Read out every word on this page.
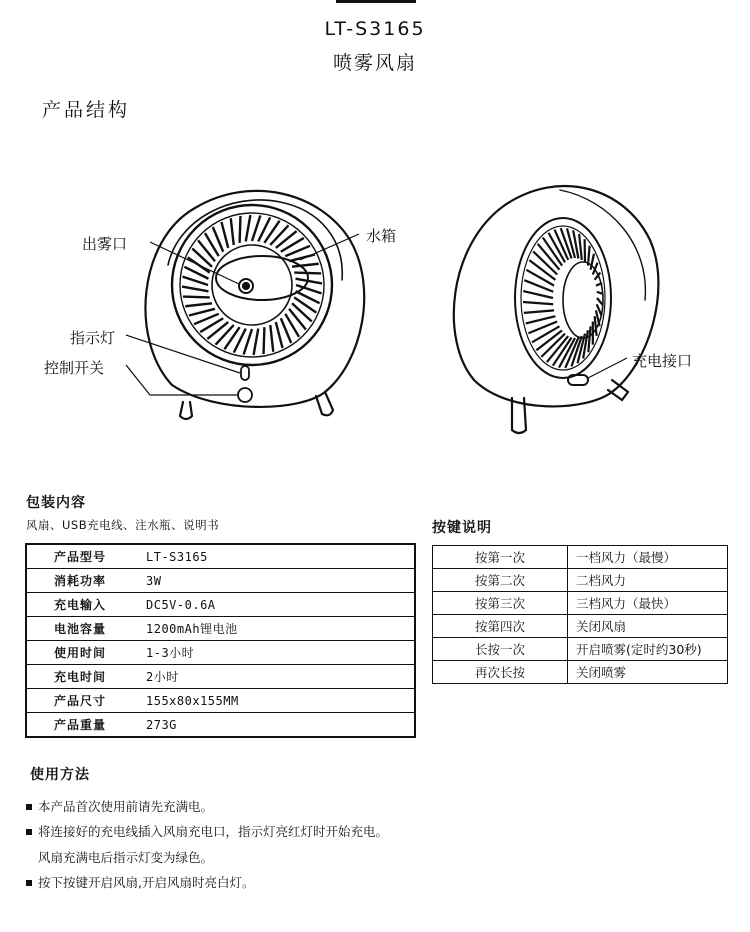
LT-S3165
喷雾风扇
产品结构
出雾口	水箱
指示灯
控制开关	充电接口
包装内容
风扇、USB充电线、注水瓶、说明书
产品型号	LT-S3165
消耗功率	3W
充电输入	DC5V-0.6A
电池容量	1200mAh锂电池
使用时间	1-3小时
充电时间	2小时
产品尺寸	155x80x155MM
产品重量	273G
按键说明
按第一次	一档风力（最慢）
按第二次	二档风力
按第三次	三档风力（最快）
按第四次	关闭风扇
长按一次	开启喷雾(定时约30秒)
再次长按	关闭喷雾
使用方法
本产品首次使用前请先充满电。
将连接好的充电线插入风扇充电口，指示灯亮红灯时开始充电。
风扇充满电后指示灯变为绿色。
按下按键开启风扇,开启风扇时亮白灯。
